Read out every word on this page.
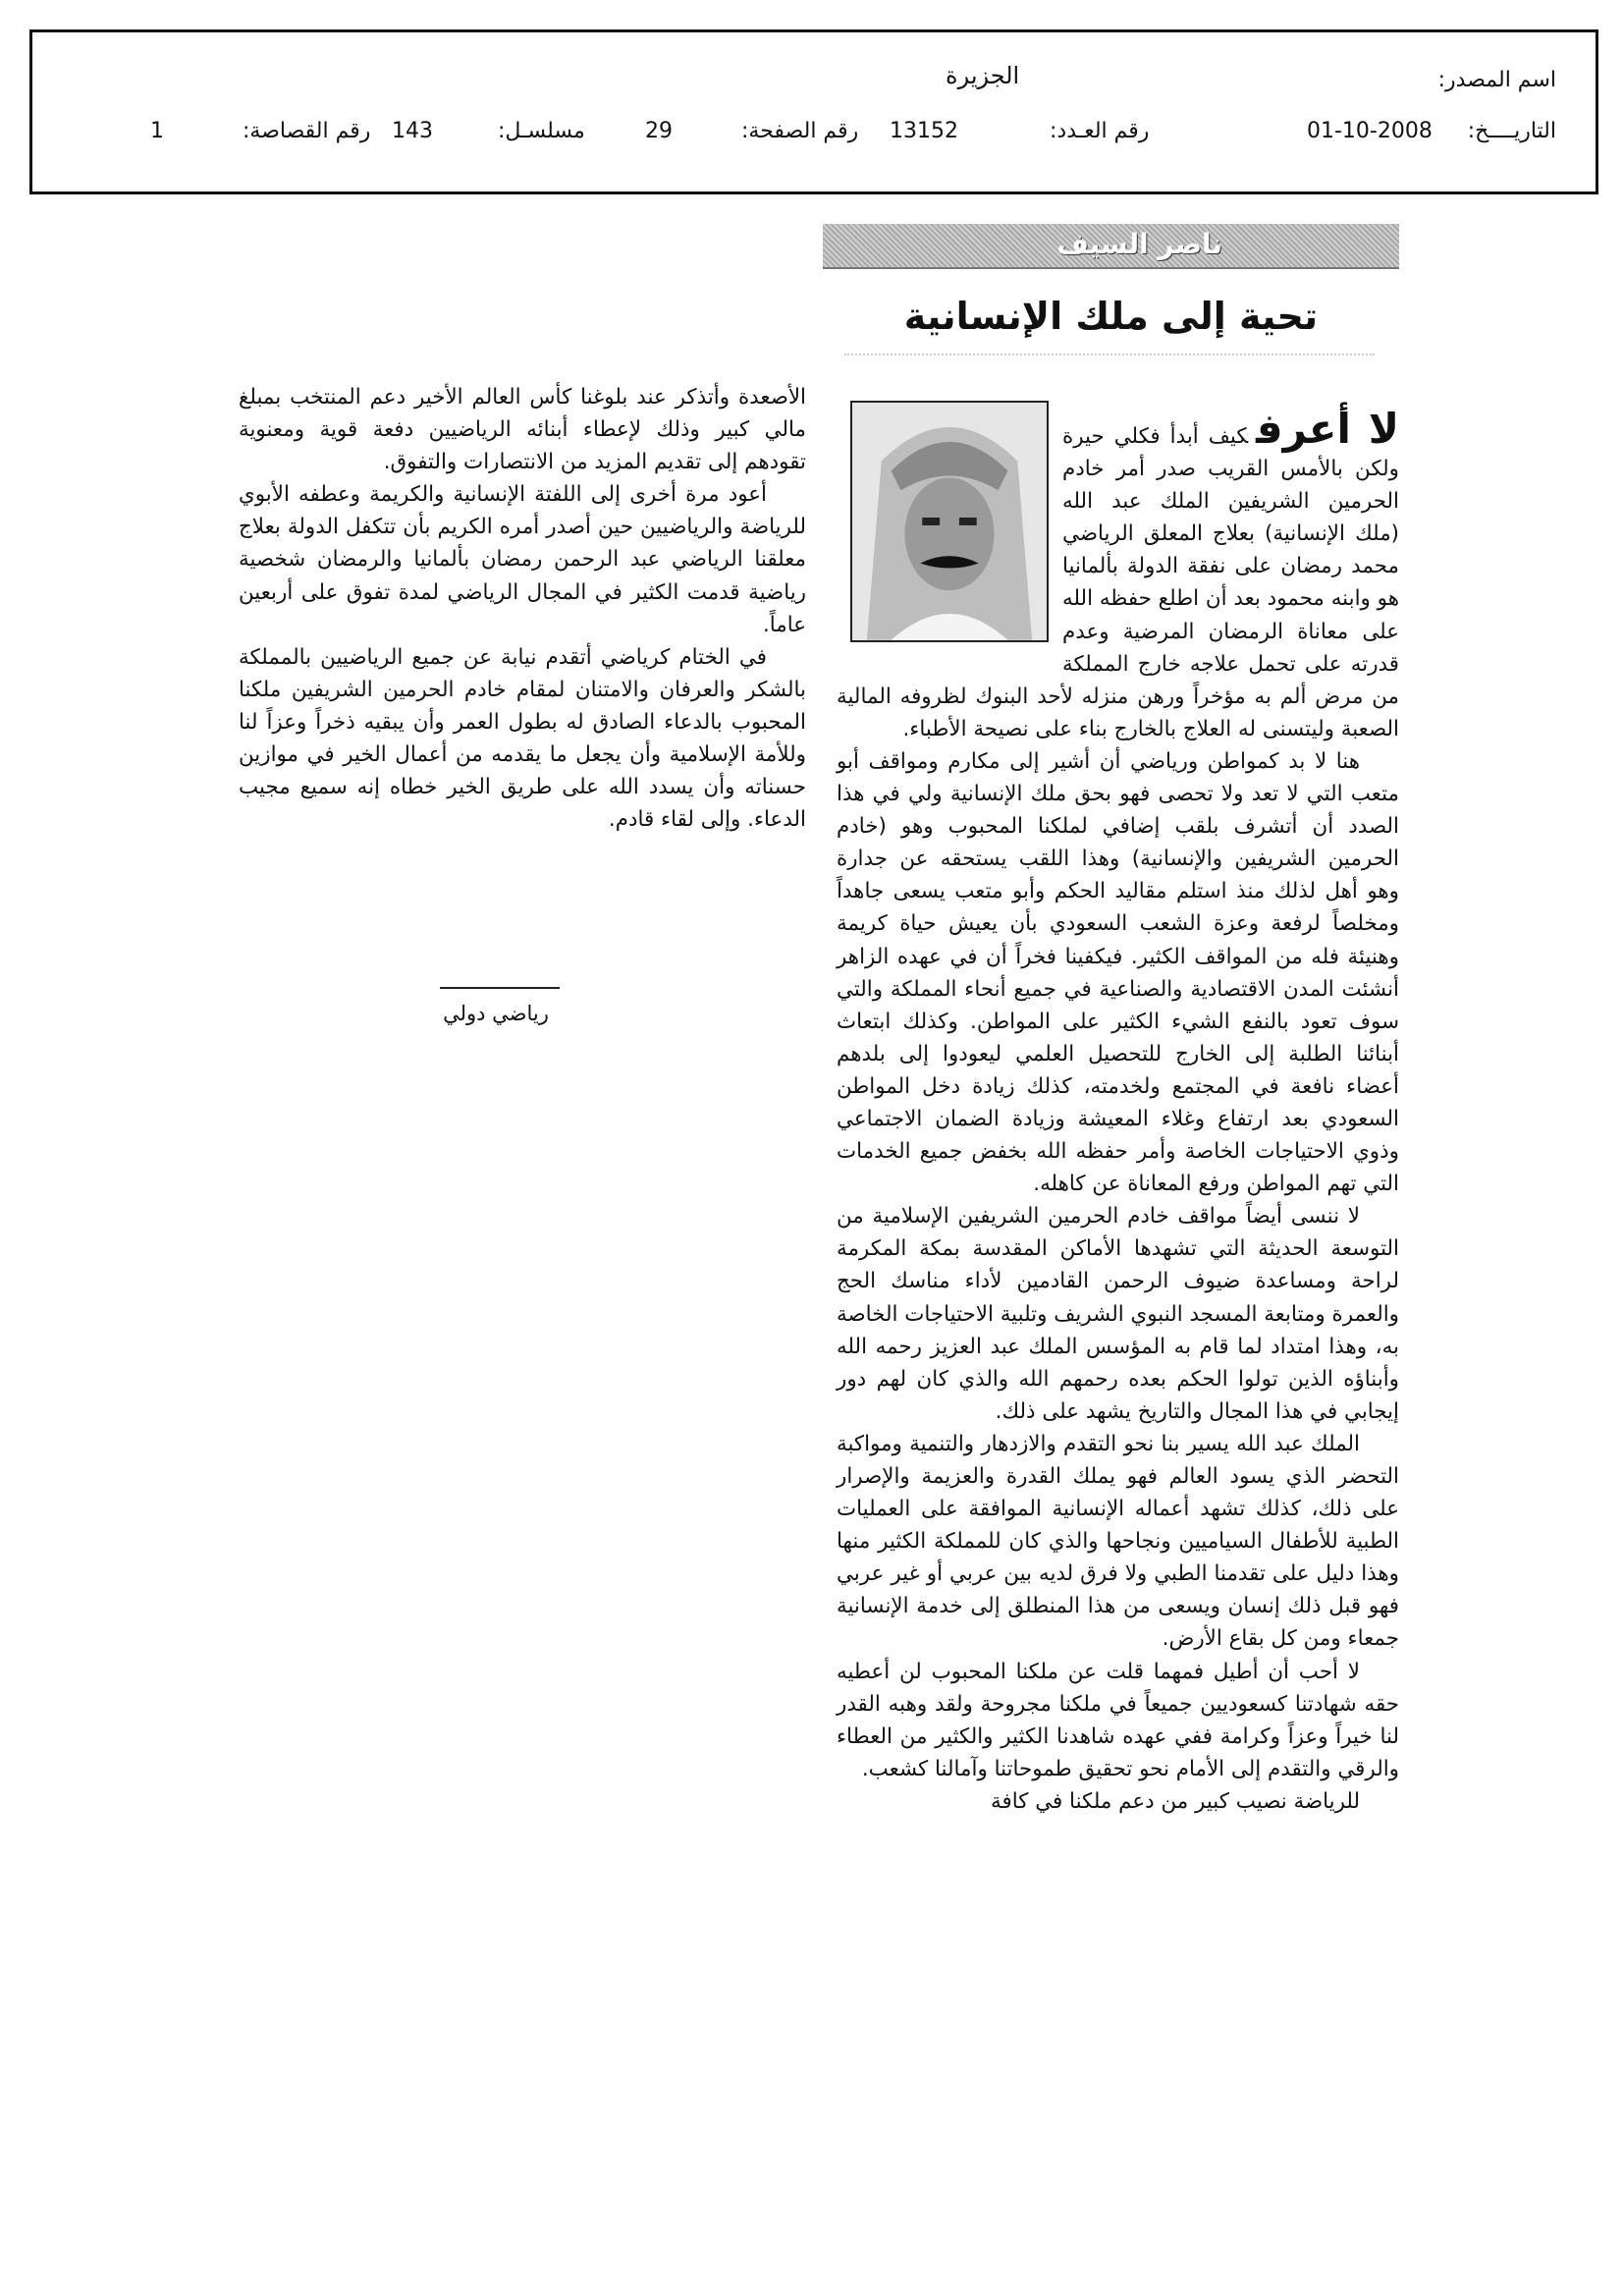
اسم المصدر:
الجزيرة
التاريــــخ:
01-10-2008
رقم العـدد:
13152
رقم الصفحة:
29
مسلسـل:
143
رقم القصاصة:
1
ناصر السيف
تحية إلى ملك الإنسانية

لا أعرفكيف أبدأ فكلي حيرة ولكن بالأمس القريب صدر أمر خادم الحرمين الشريفين الملك عبد الله (ملك الإنسانية) بعلاج المعلق الرياضي محمد رمضان على نفقة الدولة بألمانيا هو وابنه محمود بعد أن اطلع حفظه الله على معاناة الرمضان المرضية وعدم قدرته على تحمل علاجه خارج المملكة من مرض ألم به مؤخراً ورهن منزله لأحد البنوك لظروفه المالية الصعبة وليتسنى له العلاج بالخارج بناء على نصيحة الأطباء.

هنا لا بد كمواطن ورياضي أن أشير إلى مكارم ومواقف أبو متعب التي لا تعد ولا تحصى فهو بحق ملك الإنسانية ولي في هذا الصدد أن أتشرف بلقب إضافي لملكنا المحبوب وهو (خادم الحرمين الشريفين والإنسانية) وهذا اللقب يستحقه عن جدارة وهو أهل لذلك منذ استلم مقاليد الحكم وأبو متعب يسعى جاهداً ومخلصاً لرفعة وعزة الشعب السعودي بأن يعيش حياة كريمة وهنيئة فله من المواقف الكثير. فيكفينا فخراً أن في عهده الزاهر أنشئت المدن الاقتصادية والصناعية في جميع أنحاء المملكة والتي سوف تعود بالنفع الشيء الكثير على المواطن. وكذلك ابتعاث أبنائنا الطلبة إلى الخارج للتحصيل العلمي ليعودوا إلى بلدهم أعضاء نافعة في المجتمع ولخدمته، كذلك زيادة دخل المواطن السعودي بعد ارتفاع وغلاء المعيشة وزيادة الضمان الاجتماعي وذوي الاحتياجات الخاصة وأمر حفظه الله بخفض جميع الخدمات التي تهم المواطن ورفع المعاناة عن كاهله.

لا ننسى أيضاً مواقف خادم الحرمين الشريفين الإسلامية من التوسعة الحديثة التي تشهدها الأماكن المقدسة بمكة المكرمة لراحة ومساعدة ضيوف الرحمن القادمين لأداء مناسك الحج والعمرة ومتابعة المسجد النبوي الشريف وتلبية الاحتياجات الخاصة به، وهذا امتداد لما قام به المؤسس الملك عبد العزيز رحمه الله وأبناؤه الذين تولوا الحكم بعده رحمهم الله والذي كان لهم دور إيجابي في هذا المجال والتاريخ يشهد على ذلك.

الملك عبد الله يسير بنا نحو التقدم والازدهار والتنمية ومواكبة التحضر الذي يسود العالم فهو يملك القدرة والعزيمة والإصرار على ذلك، كذلك تشهد أعماله الإنسانية الموافقة على العمليات الطبية للأطفال السياميين ونجاحها والذي كان للمملكة الكثير منها وهذا دليل على تقدمنا الطبي ولا فرق لديه بين عربي أو غير عربي فهو قبل ذلك إنسان ويسعى من هذا المنطلق إلى خدمة الإنسانية جمعاء ومن كل بقاع الأرض.

لا أحب أن أطيل فمهما قلت عن ملكنا المحبوب لن أعطيه حقه شهادتنا كسعوديين جميعاً في ملكنا مجروحة ولقد وهبه القدر لنا خيراً وعزاً وكرامة ففي عهده شاهدنا الكثير والكثير من العطاء والرقي والتقدم إلى الأمام نحو تحقيق طموحاتنا وآمالنا كشعب.

للرياضة نصيب كبير من دعم ملكنا في كافة

الأصعدة وأتذكر عند بلوغنا كأس العالم الأخير دعم المنتخب بمبلغ مالي كبير وذلك لإعطاء أبنائه الرياضيين دفعة قوية ومعنوية تقودهم إلى تقديم المزيد من الانتصارات والتفوق.

أعود مرة أخرى إلى اللفتة الإنسانية والكريمة وعطفه الأبوي للرياضة والرياضيين حين أصدر أمره الكريم بأن تتكفل الدولة بعلاج معلقنا الرياضي عبد الرحمن رمضان بألمانيا والرمضان شخصية رياضية قدمت الكثير في المجال الرياضي لمدة تفوق على أربعين عاماً.

في الختام كرياضي أتقدم نيابة عن جميع الرياضيين بالمملكة بالشكر والعرفان والامتنان لمقام خادم الحرمين الشريفين ملكنا المحبوب بالدعاء الصادق له بطول العمر وأن يبقيه ذخراً وعزاً لنا وللأمة الإسلامية وأن يجعل ما يقدمه من أعمال الخير في موازين حسناته وأن يسدد الله على طريق الخير خطاه إنه سميع مجيب الدعاء. وإلى لقاء قادم.

رياضي دولي
